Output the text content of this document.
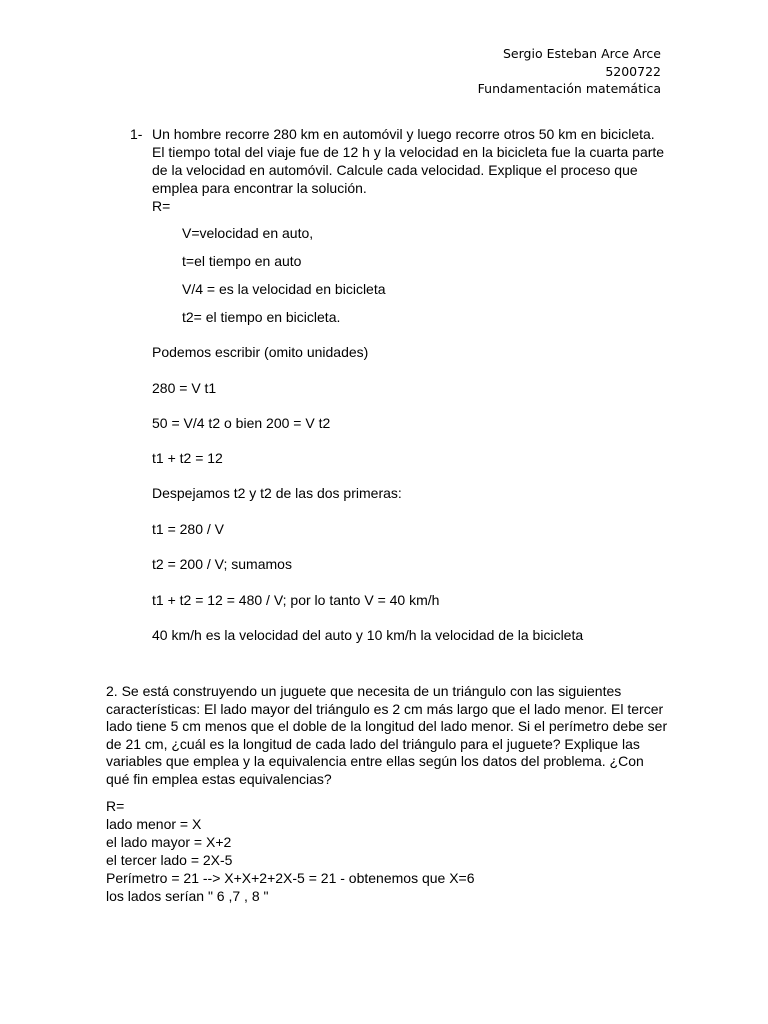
Sergio Esteban Arce Arce
5200722
Fundamentación matemática
1- Un hombre recorre 280 km en automóvil y luego recorre otros 50 km en bicicleta.
El tiempo total del viaje fue de 12 h y la velocidad en la bicicleta fue la cuarta parte
de la velocidad en automóvil. Calcule cada velocidad. Explique el proceso que
emplea para encontrar la solución.
R=
V=velocidad en auto,
t=el tiempo en auto
V/4 = es la velocidad en bicicleta
t2= el tiempo en bicicleta.
Podemos escribir (omito unidades)
280 = V t1
50 = V/4 t2 o bien 200 = V t2
t1 + t2 = 12
Despejamos t2 y t2 de las dos primeras:
t1 = 280 / V
t2 = 200 / V; sumamos
t1 + t2 = 12 = 480 / V; por lo tanto V = 40 km/h
40 km/h es la velocidad del auto y 10 km/h la velocidad de la bicicleta
2. Se está construyendo un juguete que necesita de un triángulo con las siguientes
características: El lado mayor del triángulo es 2 cm más largo que el lado menor. El tercer
lado tiene 5 cm menos que el doble de la longitud del lado menor. Si el perímetro debe ser
de 21 cm, ¿cuál es la longitud de cada lado del triángulo para el juguete? Explique las
variables que emplea y la equivalencia entre ellas según los datos del problema. ¿Con
qué fin emplea estas equivalencias?
R=
lado menor = X
el lado mayor = X+2
el tercer lado = 2X-5
Perímetro = 21 --> X+X+2+2X-5 = 21 - obtenemos que X=6
los lados serían " 6 ,7 , 8 "
